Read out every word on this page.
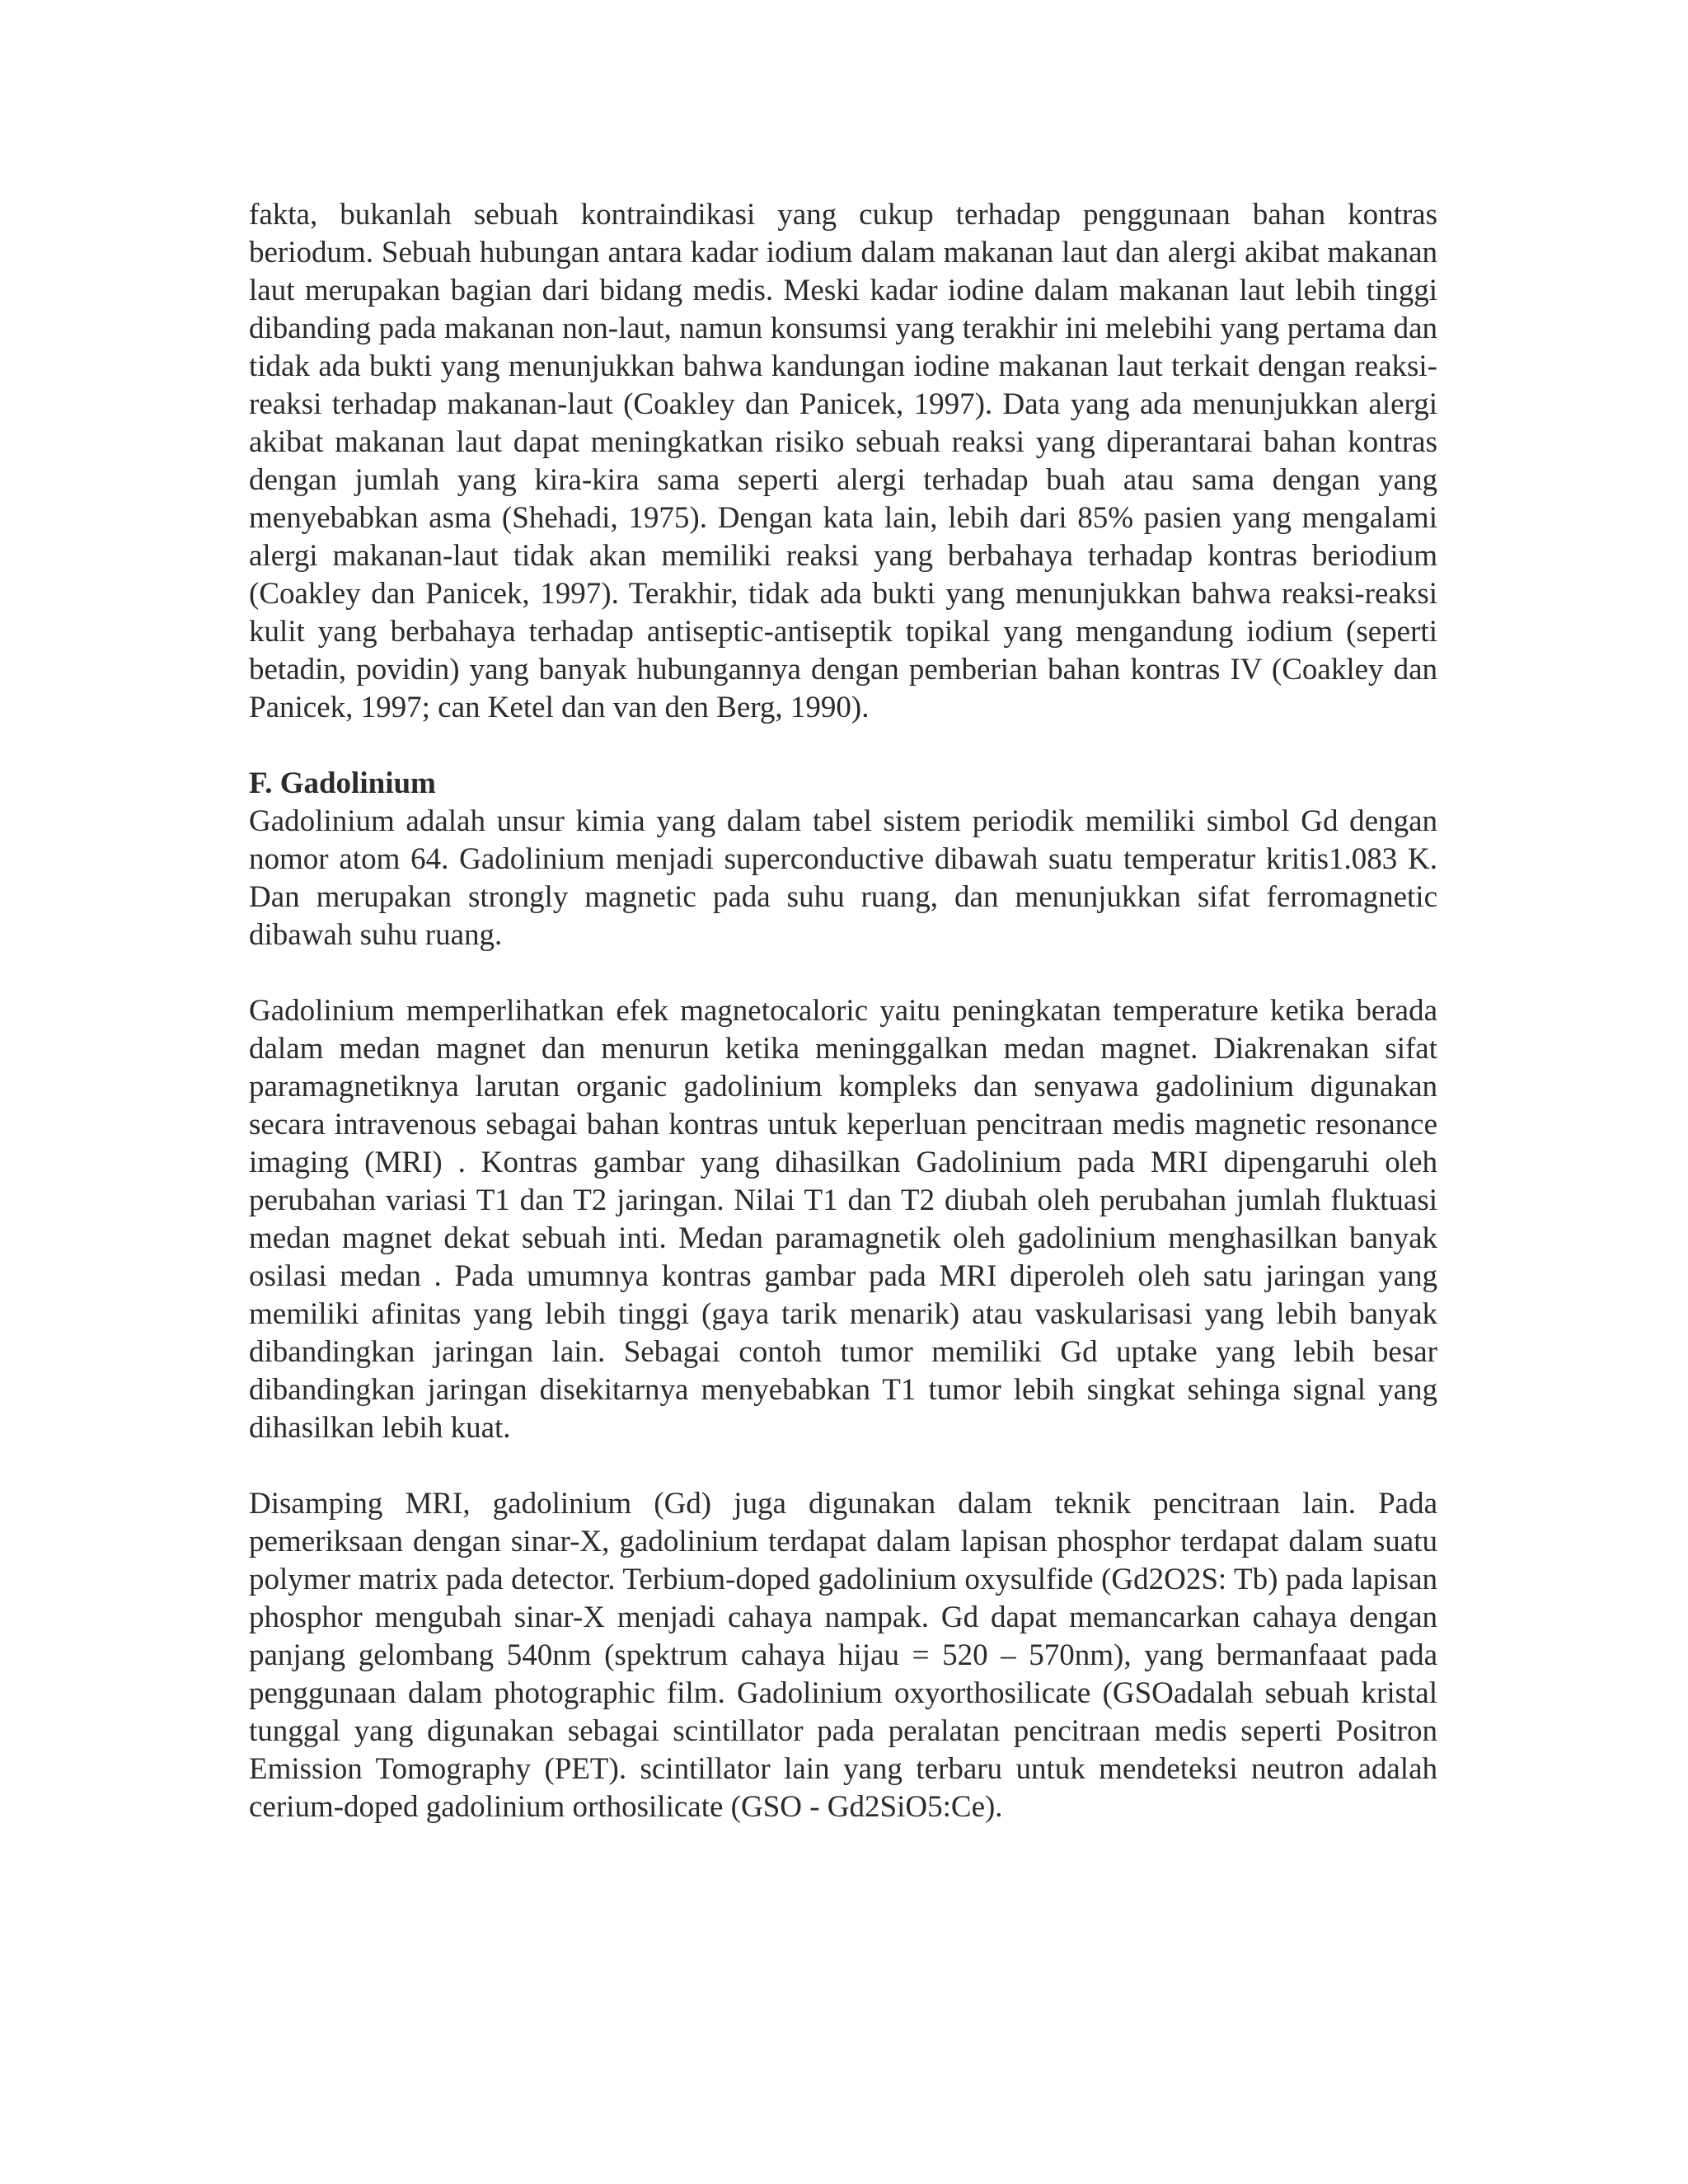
fakta, bukanlah sebuah kontraindikasi yang cukup terhadap penggunaan bahan kontras beriodum. Sebuah hubungan antara kadar iodium dalam makanan laut dan alergi akibat makanan laut merupakan bagian dari bidang medis. Meski kadar iodine dalam makanan laut lebih tinggi dibanding pada makanan non-laut, namun konsumsi yang terakhir ini melebihi yang pertama dan tidak ada bukti yang menunjukkan bahwa kandungan iodine makanan laut terkait dengan reaksi-reaksi terhadap makanan-laut (Coakley dan Panicek, 1997). Data yang ada menunjukkan alergi akibat makanan laut dapat meningkatkan risiko sebuah reaksi yang diperantarai bahan kontras dengan jumlah yang kira-kira sama seperti alergi terhadap buah atau sama dengan yang menyebabkan asma (Shehadi, 1975). Dengan kata lain, lebih dari 85% pasien yang mengalami alergi makanan-laut tidak akan memiliki reaksi yang berbahaya terhadap kontras beriodium (Coakley dan Panicek, 1997). Terakhir, tidak ada bukti yang menunjukkan bahwa reaksi-reaksi kulit yang berbahaya terhadap antiseptic-antiseptik topikal yang mengandung iodium (seperti betadin, povidin) yang banyak hubungannya dengan pemberian bahan kontras IV (Coakley dan Panicek, 1997; can Ketel dan van den Berg, 1990).

F. Gadolinium

Gadolinium adalah unsur kimia yang dalam tabel sistem periodik memiliki simbol Gd dengan nomor atom 64. Gadolinium menjadi superconductive dibawah suatu temperatur kritis1.083 K. Dan merupakan strongly magnetic pada suhu ruang, dan menunjukkan sifat ferromagnetic dibawah suhu ruang.

Gadolinium memperlihatkan efek magnetocaloric yaitu peningkatan temperature ketika berada dalam medan magnet dan menurun ketika meninggalkan medan magnet. Diakrenakan sifat paramagnetiknya larutan organic gadolinium kompleks dan senyawa gadolinium digunakan secara intravenous sebagai bahan kontras untuk keperluan pencitraan medis magnetic resonance imaging (MRI) . Kontras gambar yang dihasilkan Gadolinium pada MRI dipengaruhi oleh perubahan variasi T1 dan T2 jaringan. Nilai T1 dan T2 diubah oleh perubahan jumlah fluktuasi medan magnet dekat sebuah inti. Medan paramagnetik oleh gadolinium menghasilkan banyak osilasi medan . Pada umumnya kontras gambar pada MRI diperoleh oleh satu jaringan yang memiliki afinitas yang lebih tinggi (gaya tarik menarik) atau vaskularisasi yang lebih banyak dibandingkan jaringan lain. Sebagai contoh tumor memiliki Gd uptake yang lebih besar dibandingkan jaringan disekitarnya menyebabkan T1 tumor lebih singkat sehinga signal yang dihasilkan lebih kuat.

Disamping MRI, gadolinium (Gd) juga digunakan dalam teknik pencitraan lain. Pada pemeriksaan dengan sinar-X, gadolinium terdapat dalam lapisan phosphor terdapat dalam suatu polymer matrix pada detector. Terbium-doped gadolinium oxysulfide (Gd2O2S: Tb) pada lapisan phosphor mengubah sinar-X menjadi cahaya nampak. Gd dapat memancarkan cahaya dengan panjang gelombang 540nm (spektrum cahaya hijau = 520 – 570nm), yang bermanfaaat pada penggunaan dalam photographic film. Gadolinium oxyorthosilicate (GSOadalah sebuah kristal tunggal yang digunakan sebagai scintillator pada peralatan pencitraan medis seperti Positron Emission Tomography (PET). scintillator lain yang terbaru untuk mendeteksi neutron adalah cerium-doped gadolinium orthosilicate (GSO - Gd2SiO5:Ce).
